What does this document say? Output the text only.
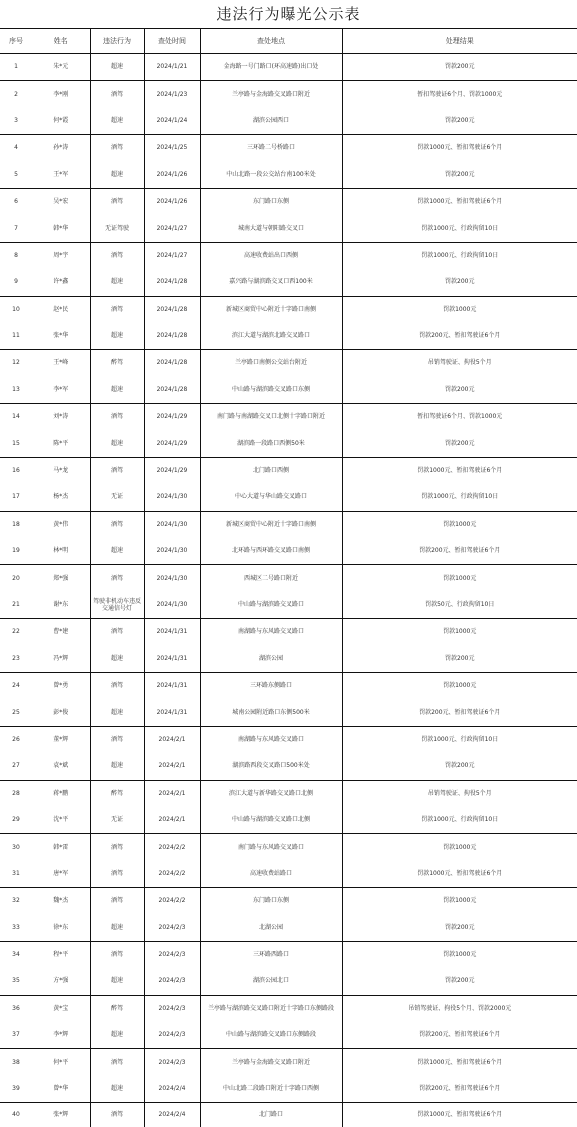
违法行为曝光公示表
序号	姓名	违法行为	查处时间	查处地点	处理结果
1	朱*元	超速	2024/1/21	金海路一号门路口(环高速路)出口处	罚款200元
2	李*刚	酒驾	2024/1/23	兰亭路与金海路交叉路口附近	暂扣驾驶证6个月、罚款1000元
3	何*霞	超速	2024/1/24	湖滨公园西口	罚款200元
4	孙*涛	酒驾	2024/1/25	三环路二号桥路口	罚款1000元、暂扣驾驶证6个月
5	王*军	超速	2024/1/26	中山北路一段公交站台南100米处	罚款200元
6	吴*宏	酒驾	2024/1/26	东门路口东侧	罚款1000元、暂扣驾驶证6个月
7	韩*华	无证驾驶	2024/1/27	城南大道与朝阳路交叉口	罚款1000元、行政拘留10日
8	周*宇	酒驾	2024/1/27	高速收费站出口西侧	罚款1000元、行政拘留10日
9	许*鑫	超速	2024/1/28	嘉兴路与湖滨路交叉口西100米	罚款200元
10	赵*民	酒驾	2024/1/28	新城区商贸中心附近十字路口南侧	罚款1000元
11	张*华	超速	2024/1/28	滨江大道与湖滨北路交叉路口	罚款200元、暂扣驾驶证6个月
12	王*峰	醉驾	2024/1/28	兰亭路口南侧公交站台附近	吊销驾驶证、拘役5个月
13	李*军	超速	2024/1/28	中山路与湖滨路交叉路口东侧	罚款200元
14	刘*涛	酒驾	2024/1/29	南门路与南湖路交叉口北侧十字路口附近	暂扣驾驶证6个月、罚款1000元
15	陈*平	超速	2024/1/29	湖滨路一段路口西侧50米	罚款200元
16	马*龙	酒驾	2024/1/29	北门路口西侧	罚款1000元、暂扣驾驶证6个月
17	杨*杰	无证	2024/1/30	中心大道与华山路交叉路口	罚款1000元、行政拘留10日
18	黄*伟	酒驾	2024/1/30	新城区商贸中心附近十字路口南侧	罚款1000元
19	林*明	超速	2024/1/30	北环路与西环路交叉路口南侧	罚款200元、暂扣驾驶证6个月
20	郑*强	酒驾	2024/1/30	西城区二号路口附近	罚款1000元
21	谢*东	驾驶非机动车违反交通信号灯	2024/1/30	中山路与湖滨路交叉路口	罚款50元、行政拘留10日
22	曹*建	酒驾	2024/1/31	南湖路与东风路交叉路口	罚款1000元
23	冯*辉	超速	2024/1/31	湖滨公园	罚款200元
24	曾*勇	酒驾	2024/1/31	三环路东侧路口	罚款1000元
25	彭*俊	超速	2024/1/31	城南公园附近路口东侧500米	罚款200元、暂扣驾驶证6个月
26	董*辉	酒驾	2024/2/1	南湖路与东风路交叉路口	罚款1000元、行政拘留10日
27	袁*斌	超速	2024/2/1	湖滨路西段交叉路口500米处	罚款200元
28	蒋*鹏	醉驾	2024/2/1	滨江大道与新华路交叉路口北侧	吊销驾驶证、拘役5个月
29	沈*平	无证	2024/2/1	中山路与湖滨路交叉路口北侧	罚款1000元、行政拘留10日
30	韩*雷	酒驾	2024/2/2	南门路与东风路交叉路口	罚款1000元
31	唐*军	酒驾	2024/2/2	高速收费站路口	罚款1000元、暂扣驾驶证6个月
32	魏*杰	酒驾	2024/2/2	东门路口东侧	罚款1000元
33	徐*东	超速	2024/2/3	北湖公园	罚款200元
34	程*平	酒驾	2024/2/3	三环路西路口	罚款1000元
35	方*强	超速	2024/2/3	湖滨公园北口	罚款200元
36	黄*宝	醉驾	2024/2/3	兰亭路与湖滨路交叉路口附近十字路口东侧路段	吊销驾驶证、拘役5个月、罚款2000元
37	李*辉	超速	2024/2/3	中山路与湖滨路交叉路口东侧路段	罚款200元、暂扣驾驶证6个月
38	何*平	酒驾	2024/2/3	兰亭路与金海路交叉路口附近	罚款1000元、暂扣驾驶证6个月
39	曾*华	超速	2024/2/4	中山北路二段路口附近十字路口西侧	罚款200元、暂扣驾驶证6个月
40	张*辉	酒驾	2024/2/4	北门路口	罚款1000元、暂扣驾驶证6个月
